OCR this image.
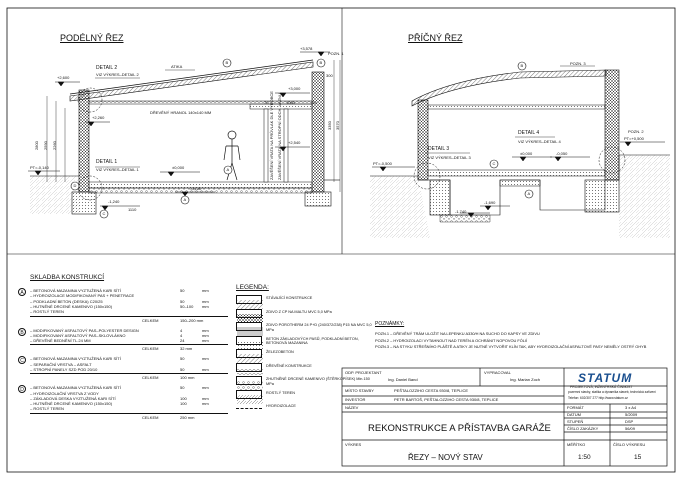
PODÉLNÝ ŘEZ	PŘÍČNÝ ŘEZ
DETAIL 2
VIZ VÝKRES–DETAIL 2
DETAIL 1
VIZ VÝKRES–DETAIL 1
ATIKA
POZN. 1
DŘEVĚNÝ HRANOL 140x140 MM
1060
70	70
ZAVĚŠENÍ VRATA NA PRŮVLAK DLE VÝROBCE ZAVĚŠENÍ VRATA NA STROPNÍ ODCH. VAZNU
+3,578
+2,600
+2,260
+3,000
+2,540
±0,000
PT=-0,140
-1,240
-0,120
2800 2590 2260
3350 3570
300
1110
B	B
A
D
A
C
POZN. 3
POZN. 2
DETAIL 3
VIZ VÝKRES–DETAIL 3
DETAIL 4
VIZ VÝKRES–DETAIL 4
PT=-0,500
PT=+0,500
±0,000	-0,050
-1,740
-1,690
B
C
A
SKLADBA KONSTRUKCÍ
A	– BETONOVÁ MAZANINA VYZTUŽENÁ KARI SÍTÍ	50	mm
– HYDROIZOLACE MODIFIKOVANÝ PAS + PENETRACE
– PODKLADNÍ BETON (DESKA) C20/25	50	mm
– HUTNĚNÉ DRCENÉ KAMENIVO (150x150)	50–100 mm
– ROSTLÝ TEREN
CELKEM	150–200 mm
B	– MODIFIKOVANÝ ASFALTOVÝ PAS–POLYESTER DESIGN	4	mm
– MODIFIKOVANÝ ASFALTOVÝ PAS–SKLOVLÁKNO	4	mm
– DŘEVĚNÉ BEDNĚNÍ TL.24 MM	24	mm
CELKEM	32 mm
C	– BETONOVÁ MAZANINA VYZTUŽENÁ KARI SÍTÍ	50	mm
– SEPARAČNÍ VRSTVA – ASFALT
– STROPNÍ PANELY SZD POD 20/10	50	mm
CELKEM	100 mm
D	– BETONOVÁ MAZANINA VYZTUŽENÁ KARI SÍTÍ	50	mm
– HYDROIZOLAČNÍ VRSTVA Z VODY
– ZÁKLADOVÁ DESKA VYZTUŽENÁ KARI SÍTÍ	100	mm
– HUTNĚNÉ DRCENÉ KAMENIVO (150x150)	100	mm
– ROSTLÝ TEREN
CELKEM	250 mm
LEGENDA:
STÁVAJÍCÍ KONSTRUKCE
ZDIVO Z CP NA MALTU MVC 5,0 MPa
ZDIVO POROTHERM 24 P+D (240/372/238) P15 NA MVC 5,0 MPa
BETON ZÁKLADOVÝCH PASŮ, PODKLADNÍ BETON, BETONOVÁ MAZANINA
ŽELEZOBETON
DŘEVĚNÉ KONSTRUKCE
ZHUTNĚNÉ DRCENÉ KAMENIVO (ŠTĚRKOPÍSEK) Min.150 MPa
ROSTLÝ TEREN
HYDROIZOLACE
POZNÁMKY:
POZN.1 – DŘEVĚNÝ TRÁM ULOŽIT NA LEPENKU A330/H NA SUCHO DO KAPSY VE ZDIVU
POZN.2 – HYDROIZOLACI VYTAHNOUT NAD TERÉN A OCHRÁNIT NOPOVOU FÓLIÍ
POZN.3 – NA STYKU STŘEŠNÍHO PLÁŠTĚ A ATIKY JE NUTNÉ VYTVOŘIT KLÍN TAK, ABY HYDROIZOLAČNÍ ASFALTOVÉ PASY NEMĚLY OSTRÝ OHYB
ODP. PROJEKTANT
Ing. Daniel Band
VYPRACOVAL
Ing. Marian Zoch
MÍSTO STAVBY	PEŠTALOZZIHO CESTA 930/8, TEPLICE
INVESTOR	PETR BARTOŠ, PEŠTALOZZIHO CESTA 930/8, TEPLICE
NÁZEV
REKONSTRUKCE A PŘÍSTAVBA GARÁŽE
VÝKRES
ŘEZY – NOVÝ STAV
MĚŘÍTKO
1:50
ČÍSLO VÝKRESU
15
FORMÁT	3 x A4
DATUM	5/2009
STUPEŇ	DSP
ČÍSLO ZAKÁZKY	56/09
STATUM
PROJEKTOVÁ, INŽENÝRSKÁ ČINNOST
pozemní stavby, statika a dynamika staveb, technická zařízení
Telefon: 602/307 277 http://www.statum.cz
